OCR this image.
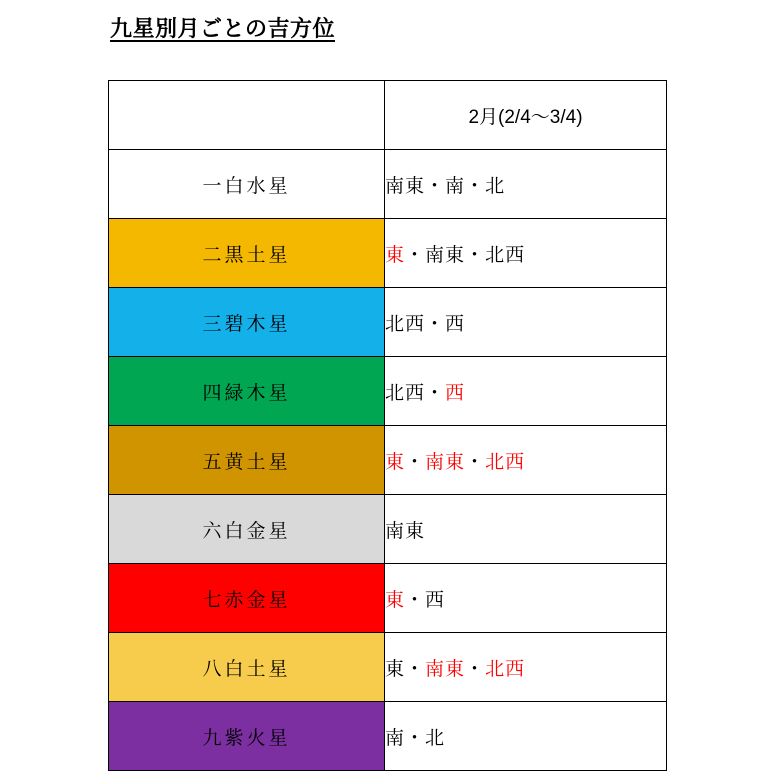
九星別月ごとの吉方位
	2月(2/4〜3/4)
一白水星	南東・南・北
二黒土星	東・南東・北西
三碧木星	北西・西
四緑木星	北西・西
五黄土星	東・南東・北西
六白金星	南東
七赤金星	東・西
八白土星	東・南東・北西
九紫火星	南・北
